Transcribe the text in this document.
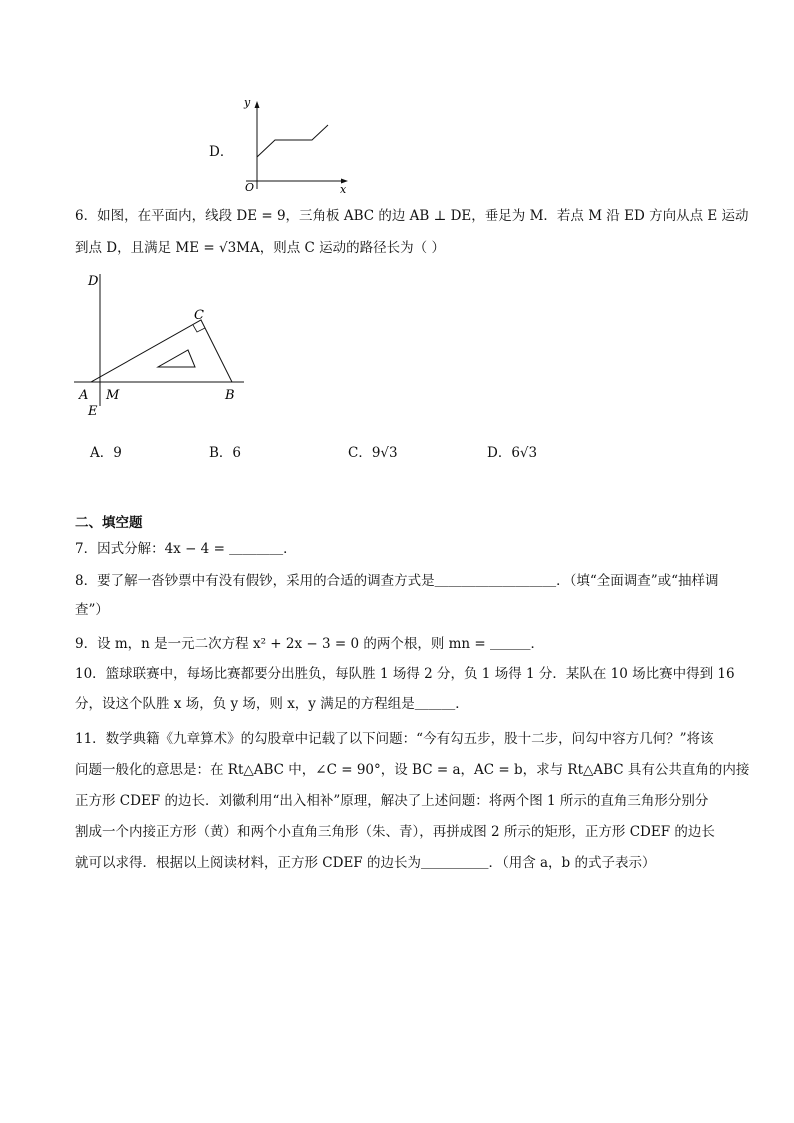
D．
y
x
O
6．如图，在平面内，线段 DE = 9，三角板 ABC 的边 AB ⊥ DE，垂足为 M．若点 M 沿 ED 方向从点 E 运动
到点 D，且满足 ME = √3MA，则点 C 运动的路径长为（ ）
D
C
A M	B
E
A．9	B．6	C．9√3	D．6√3
二、填空题
7．因式分解：4x − 4 = ＿＿＿＿．
8．要了解一沓钞票中有没有假钞，采用的合适的调查方式是＿＿＿＿＿＿＿＿＿．（填“全面调查”或“抽样调
查”）
9．设 m，n 是一元二次方程 x² + 2x − 3 = 0 的两个根，则 mn = ＿＿＿．
10．篮球联赛中，每场比赛都要分出胜负，每队胜 1 场得 2 分，负 1 场得 1 分．某队在 10 场比赛中得到 16
分，设这个队胜 x 场，负 y 场，则 x，y 满足的方程组是＿＿＿．
11．数学典籍《九章算术》的勾股章中记载了以下问题：“今有勾五步，股十二步，问勾中容方几何？”将该
问题一般化的意思是：在 Rt△ABC 中，∠C = 90°，设 BC = a，AC = b，求与 Rt△ABC 具有公共直角的内接
正方形 CDEF 的边长．刘徽利用“出入相补”原理，解决了上述问题：将两个图 1 所示的直角三角形分别分
割成一个内接正方形（黄）和两个小直角三角形（朱、青），再拼成图 2 所示的矩形，正方形 CDEF 的边长
就可以求得．根据以上阅读材料，正方形 CDEF 的边长为＿＿＿＿＿．（用含 a，b 的式子表示）
